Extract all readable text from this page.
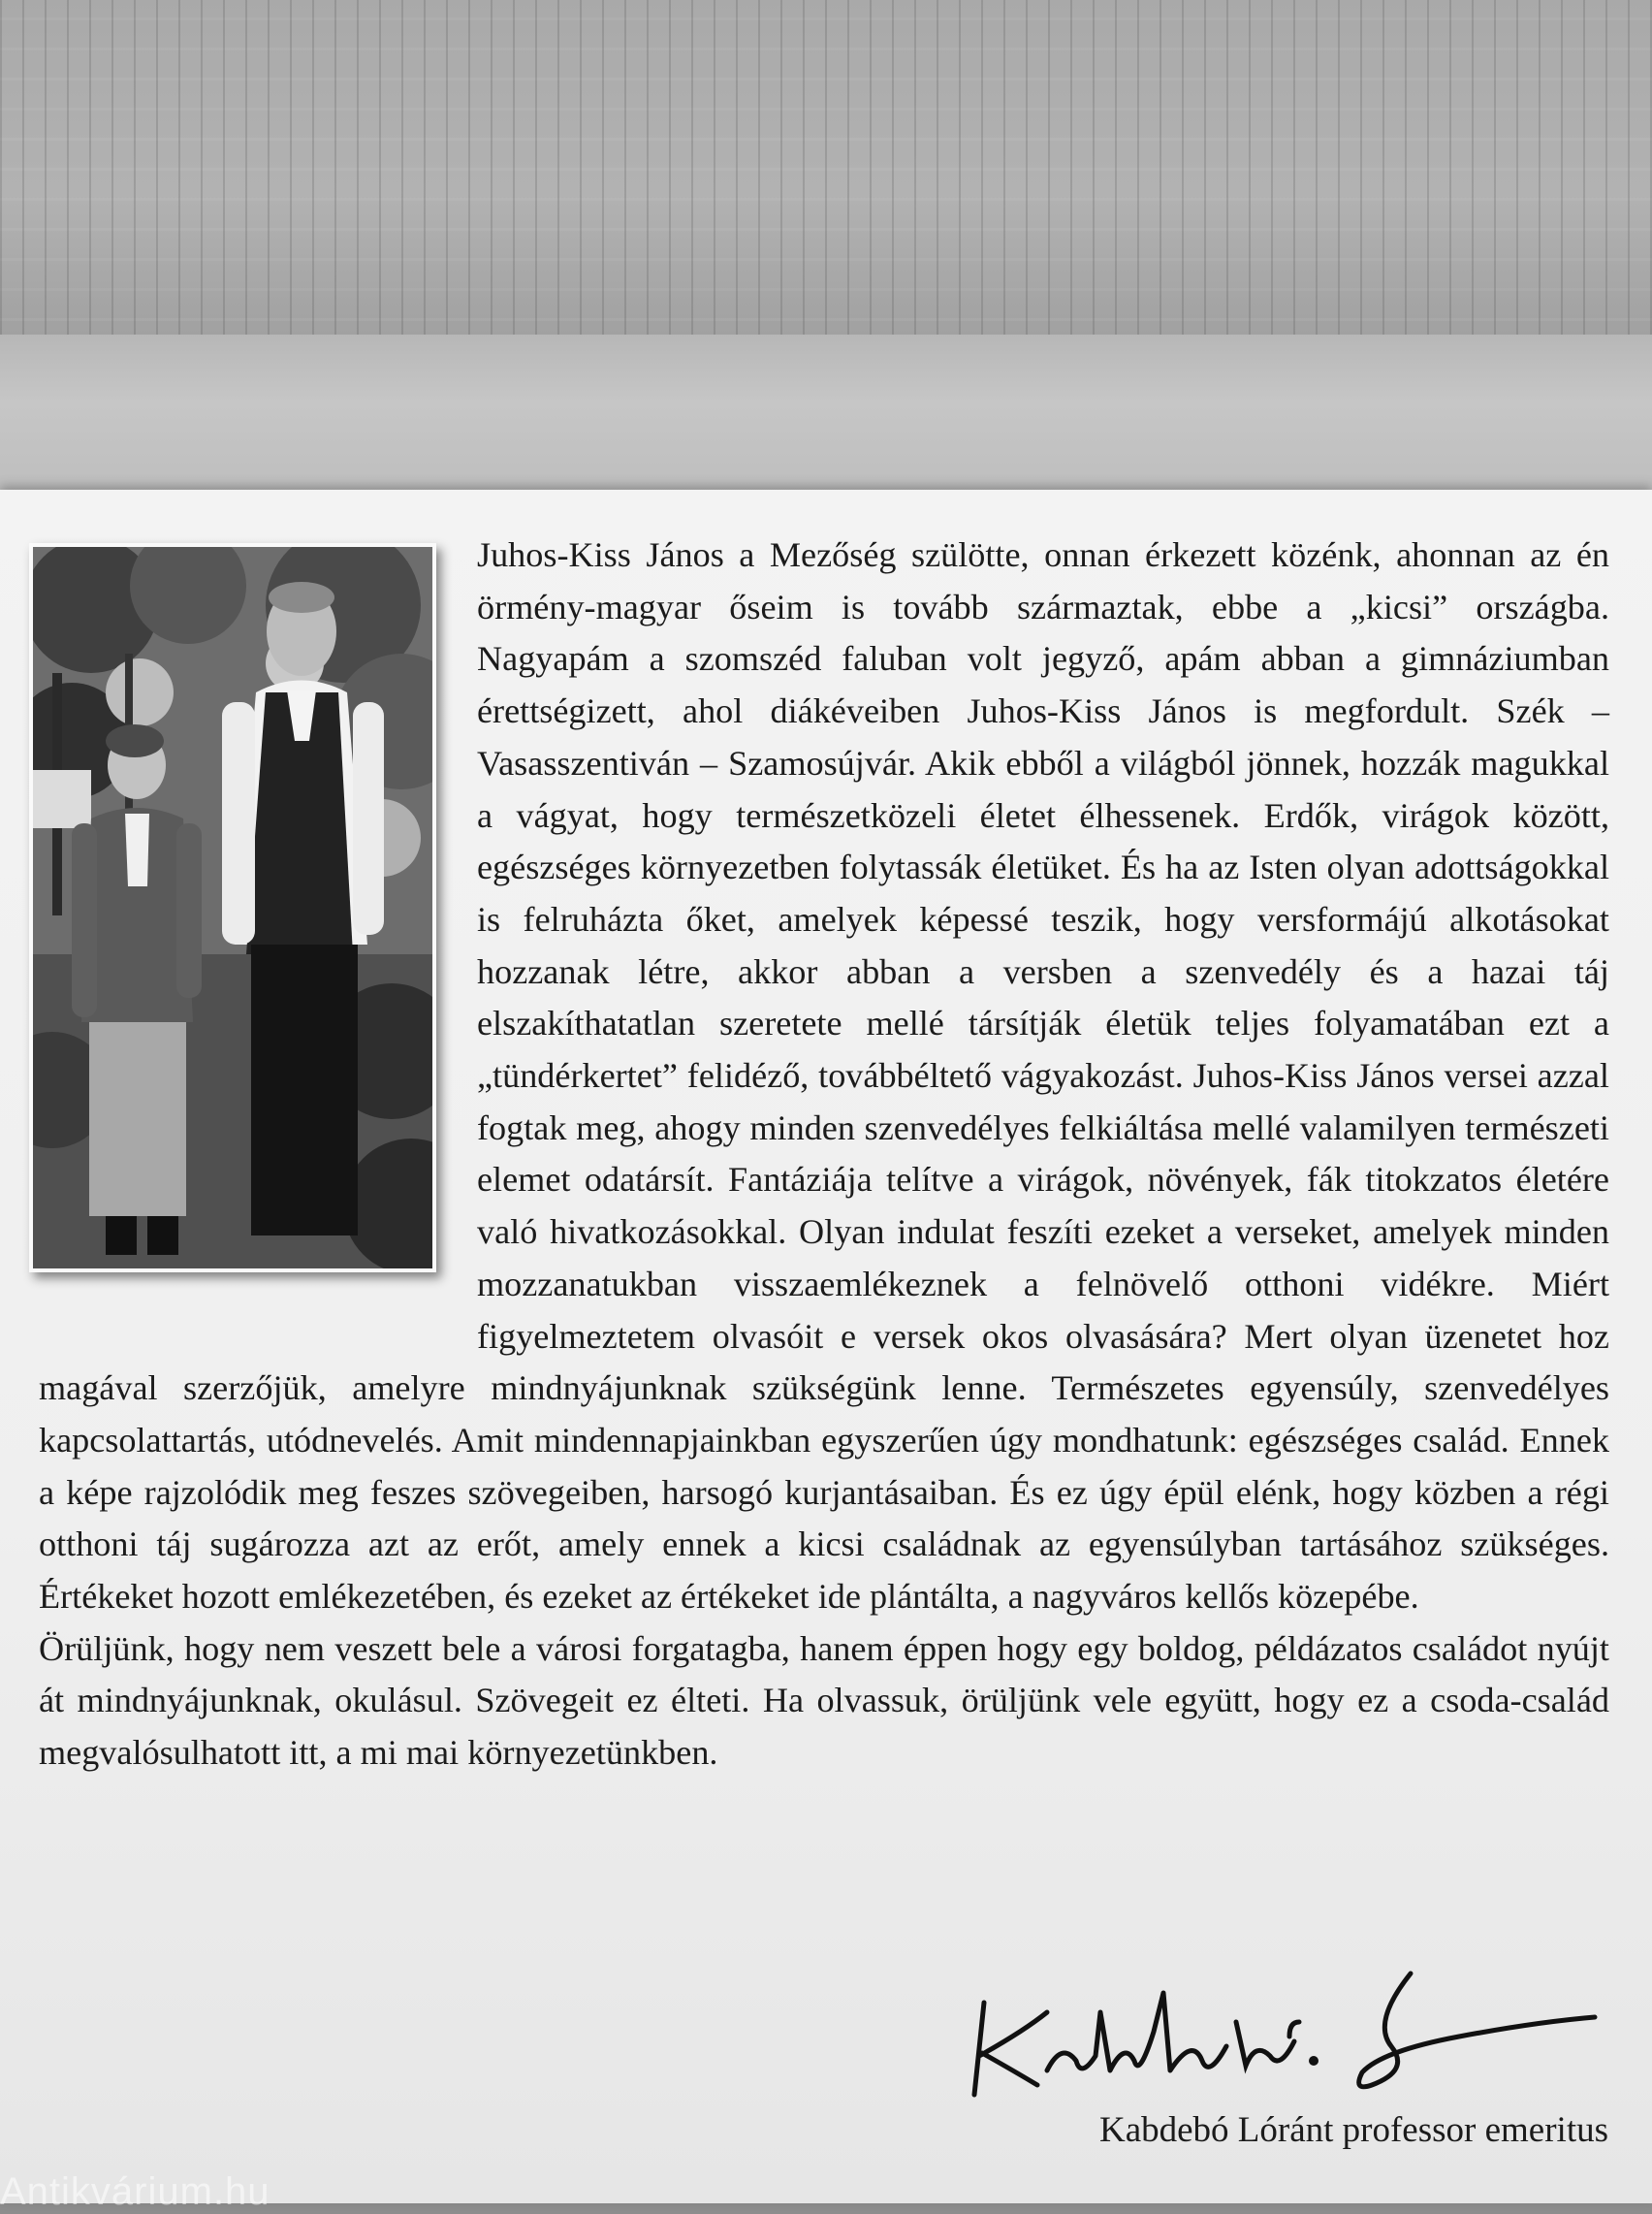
Juhos-Kiss János a Mezőség szülötte, onnan érkezett közénk, ahonnan az én örmény-magyar őseim is tovább származtak, ebbe a „kicsi” országba. Nagyapám a szomszéd faluban volt jegyző, apám abban a gimnáziumban érettségizett, ahol diákéveiben Juhos-Kiss János is megfordult. Szék – Vasasszentiván – Szamosújvár. Akik ebből a világból jönnek, hozzák magukkal a vágyat, hogy természetközeli életet élhessenek. Erdők, virágok között, egészséges környezetben folytassák életüket. És ha az Isten olyan adottságokkal is felruházta őket, amelyek képessé teszik, hogy versformájú alkotásokat hozzanak létre, akkor abban a versben a szenvedély és a hazai táj elszakíthatatlan szeretete mellé társítják életük teljes folyamatában ezt a „tündérkertet” felidéző, továbbéltető vágyakozást. Juhos-Kiss János versei azzal fogtak meg, ahogy minden szenvedélyes felkiáltása mellé valamilyen természeti elemet odatársít. Fantáziája telítve a virágok, növények, fák titokzatos életére való hivatkozásokkal. Olyan indulat feszíti ezeket a verseket, amelyek minden mozzanatukban visszaemlékeznek a felnövelő otthoni vidékre. Miért figyelmeztetem olvasóit e versek okos olvasására? Mert olyan üzenetet hoz magával szerzőjük, amelyre mindnyájunknak szükségünk lenne. Természetes egyensúly, szenvedélyes kapcsolattartás, utódnevelés. Amit mindennapjainkban egyszerűen úgy mondhatunk: egészséges család. Ennek a képe rajzolódik meg feszes szövegeiben, harsogó kurjantásaiban. És ez úgy épül elénk, hogy közben a régi otthoni táj sugározza azt az erőt, amely ennek a kicsi családnak az egyensúlyban tartásához szükséges. Értékeket hozott emlékezetében, és ezeket az értékeket ide plántálta, a nagyváros kellős közepébe.

Örüljünk, hogy nem veszett bele a városi forgatagba, hanem éppen hogy egy boldog, példázatos családot nyújt át mindnyájunknak, okulásul. Szövegeit ez élteti. Ha olvassuk, örüljünk vele együtt, hogy ez a csoda-család megvalósulhatott itt, a mi mai környezetünkben.

Kabdebó Lóránt professor emeritus
Antikvárium.hu
